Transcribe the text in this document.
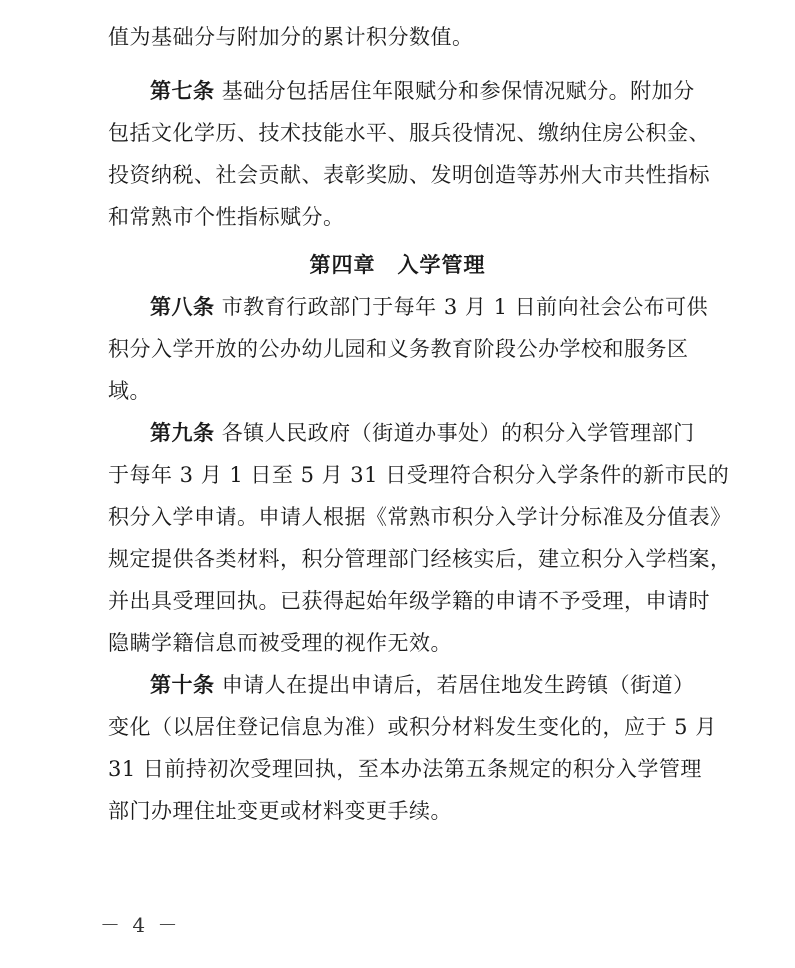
值为基础分与附加分的累计积分数值。
第七条 基础分包括居住年限赋分和参保情况赋分。附加分
包括文化学历、技术技能水平、服兵役情况、缴纳住房公积金、
投资纳税、社会贡献、表彰奖励、发明创造等苏州大市共性指标
和常熟市个性指标赋分。
第四章 入学管理
第八条 市教育行政部门于每年 3 月 1 日前向社会公布可供
积分入学开放的公办幼儿园和义务教育阶段公办学校和服务区
域。
第九条 各镇人民政府（街道办事处）的积分入学管理部门
于每年 3 月 1 日至 5 月 31 日受理符合积分入学条件的新市民的
积分入学申请。申请人根据《常熟市积分入学计分标准及分值表》
规定提供各类材料，积分管理部门经核实后，建立积分入学档案，
并出具受理回执。已获得起始年级学籍的申请不予受理，申请时
隐瞒学籍信息而被受理的视作无效。
第十条 申请人在提出申请后，若居住地发生跨镇（街道）
变化（以居住登记信息为准）或积分材料发生变化的，应于 5 月
31 日前持初次受理回执，至本办法第五条规定的积分入学管理
部门办理住址变更或材料变更手续。
－ 4 －
